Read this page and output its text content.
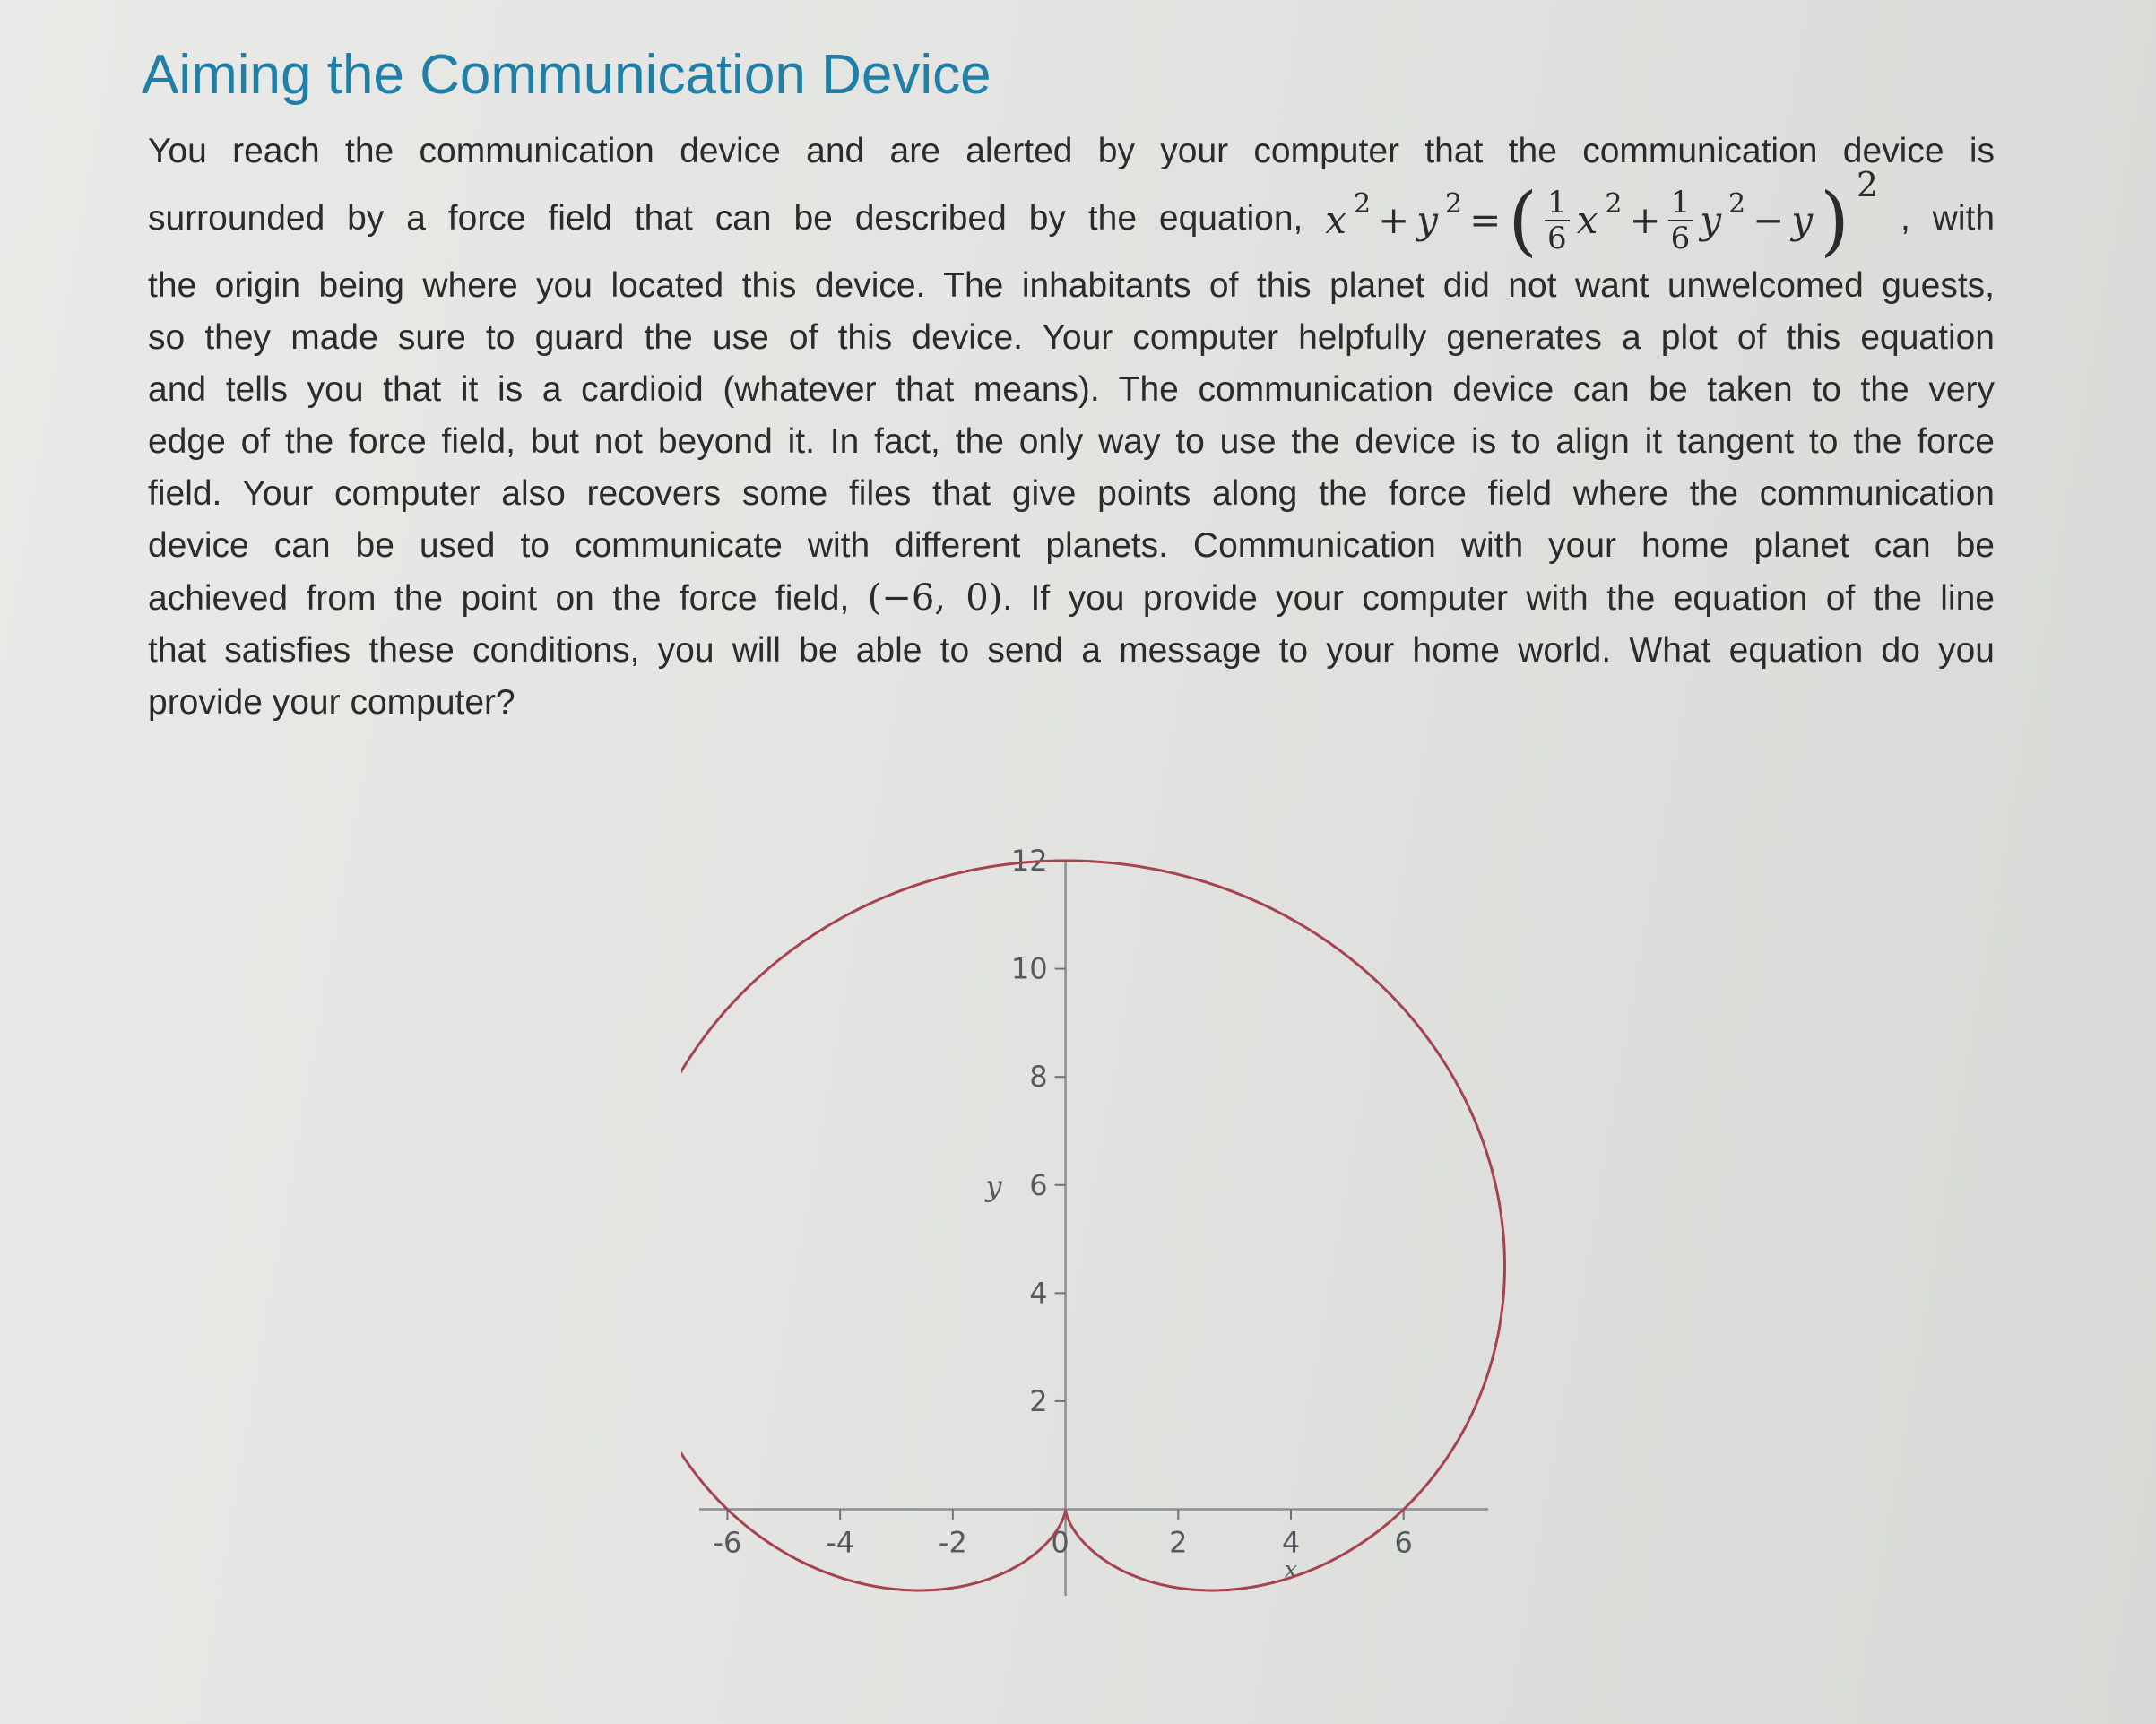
Aiming the Communication Device
You reach the communication device and are alerted by your computer that the communication device is
surrounded by a force field that can be described by the equation, x $^2$ + y $^2$ = ( $\frac{1}{6}$ x $^2 + \frac{1}{6}$ y $^2$ − y ) 2
, with
the origin being where you located this device. The inhabitants of this planet did not want unwelcomed guests,
so they made sure to guard the use of this device. Your computer helpfully generates a plot of this equation
and tells you that it is a cardioid (whatever that means). The communication device can be taken to the very
edge of the force field, but not beyond it. In fact, the only way to use the device is to align it tangent to the force
field. Your computer also recovers some files that give points along the force field where the communication
device can be used to communicate with different planets. Communication with your home planet can be
achieved from the point on the force field, (−6, 0). If you provide your computer with the equation of the line
that satisfies these conditions, you will be able to send a message to your home world. What equation do you
provide your computer?
-6	-4	-2	0	2	4	6
2
4
6
8
10
12
y
x
